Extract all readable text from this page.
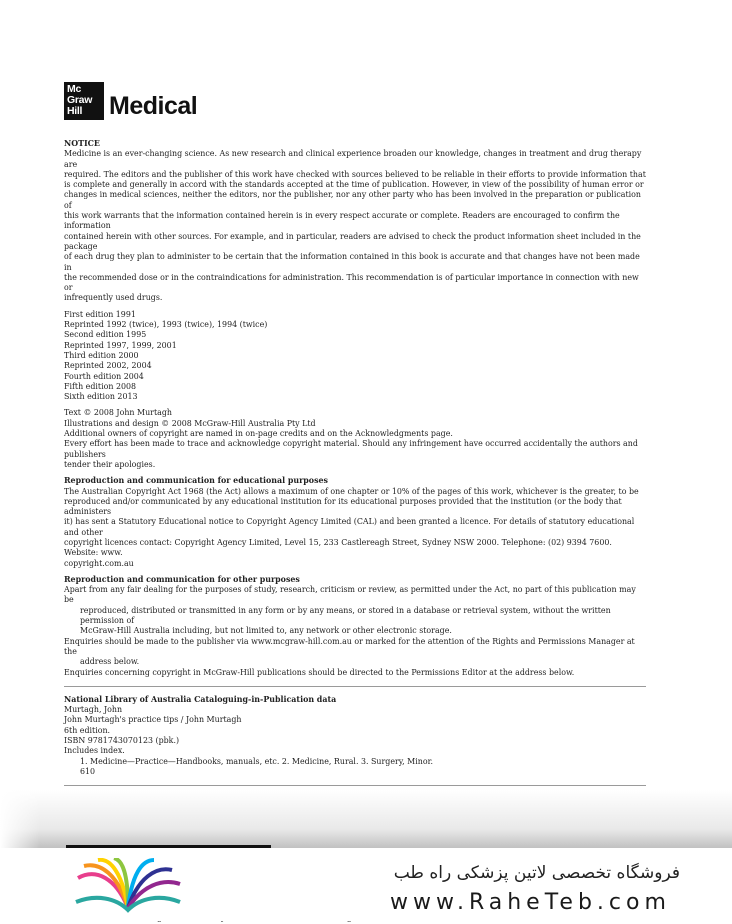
Mc
Graw
Hill	Medical

NOTICE

Medicine is an ever-changing science. As new research and clinical experience broaden our knowledge, changes in treatment and drug therapy are

required. The editors and the publisher of this work have checked with sources believed to be reliable in their efforts to provide information that

is complete and generally in accord with the standards accepted at the time of publication. However, in view of the possibility of human error or

changes in medical sciences, neither the editors, nor the publisher, nor any other party who has been involved in the preparation or publication of

this work warrants that the information contained herein is in every respect accurate or complete. Readers are encouraged to confirm the information

contained herein with other sources. For example, and in particular, readers are advised to check the product information sheet included in the package

of each drug they plan to administer to be certain that the information contained in this book is accurate and that changes have not been made in

the recommended dose or in the contraindications for administration. This recommendation is of particular importance in connection with new or

infrequently used drugs.

First edition 1991

Reprinted 1992 (twice), 1993 (twice), 1994 (twice)

Second edition 1995

Reprinted 1997, 1999, 2001

Third edition 2000

Reprinted 2002, 2004

Fourth edition 2004

Fifth edition 2008

Sixth edition 2013

Text © 2008 John Murtagh

Illustrations and design © 2008 McGraw-Hill Australia Pty Ltd

Additional owners of copyright are named in on-page credits and on the Acknowledgments page.

Every effort has been made to trace and acknowledge copyright material. Should any infringement have occurred accidentally the authors and publishers

tender their apologies.

Reproduction and communication for educational purposes

The Australian Copyright Act 1968 (the Act) allows a maximum of one chapter or 10% of the pages of this work, whichever is the greater, to be

reproduced and/or communicated by any educational institution for its educational purposes provided that the institution (or the body that administers

it) has sent a Statutory Educational notice to Copyright Agency Limited (CAL) and been granted a licence. For details of statutory educational and other

copyright licences contact: Copyright Agency Limited, Level 15, 233 Castlereagh Street, Sydney NSW 2000. Telephone: (02) 9394 7600. Website: www.

copyright.com.au

Reproduction and communication for other purposes

Apart from any fair dealing for the purposes of study, research, criticism or review, as permitted under the Act, no part of this publication may be

reproduced, distributed or transmitted in any form or by any means, or stored in a database or retrieval system, without the written permission of

McGraw-Hill Australia including, but not limited to, any network or other electronic storage.

Enquiries should be made to the publisher via www.mcgraw-hill.com.au or marked for the attention of the Rights and Permissions Manager at the

address below.

Enquiries concerning copyright in McGraw-Hill publications should be directed to the Permissions Editor at the address below.

National Library of Australia Cataloguing-in-Publication data

Murtagh, John

John Murtagh's practice tips / John Murtagh

6th edition.

ISBN 9781743070123 (pbk.)

Includes index.

1. Medicine—Practice—Handbooks, manuals, etc. 2. Medicine, Rural. 3. Surgery, Minor.

610

فروشگاه تخصصی لاتین پزشکی راه طب
www.RaheTeb.com
